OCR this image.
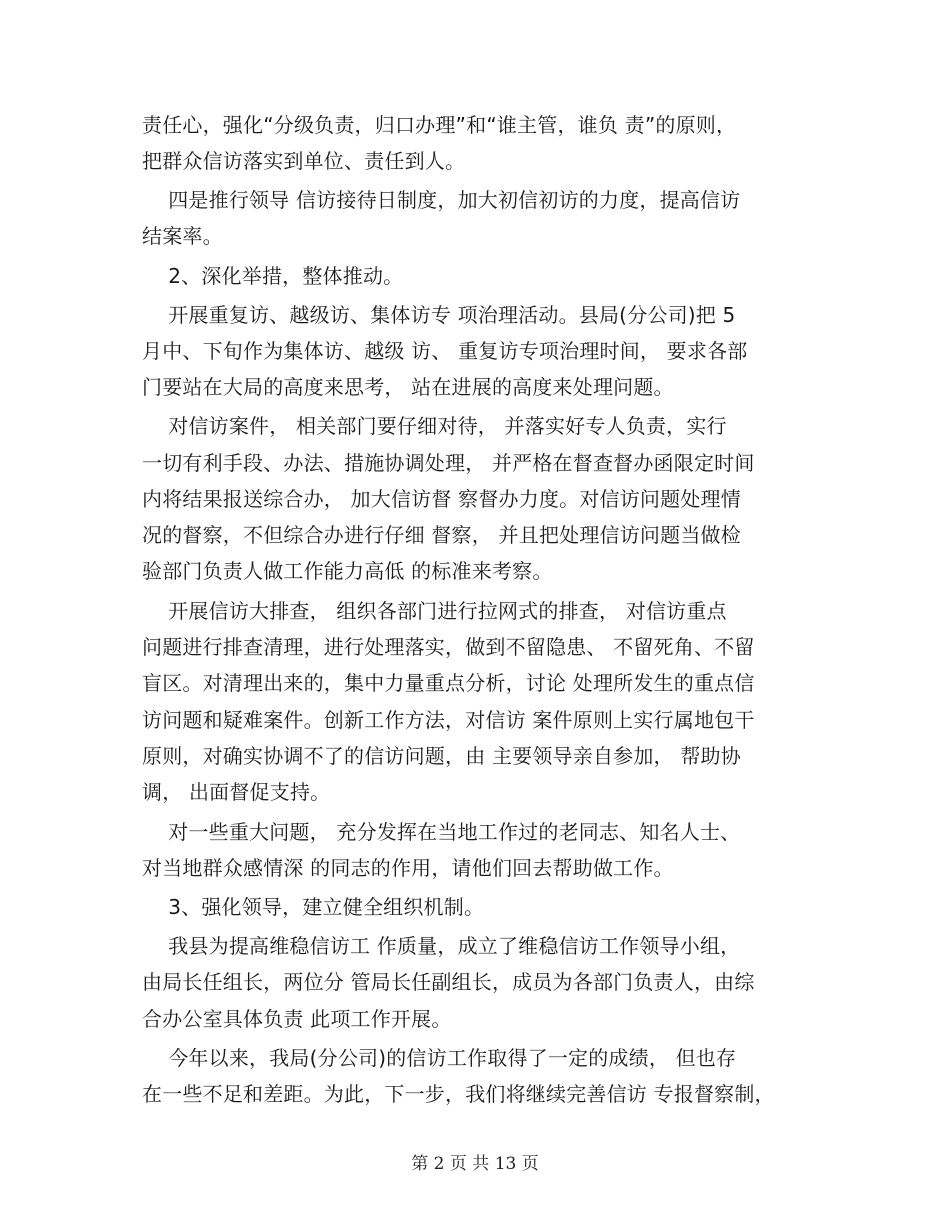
责任心，强化“分级负责，归口办理”和“谁主管，谁负 责”的原则，
把群众信访落实到单位、责任到人。
四是推行领导 信访接待日制度，加大初信初访的力度，提高信访
结案率。
2、深化举措，整体推动。
开展重复访、越级访、集体访专 项治理活动。县局(分公司)把 5
月中、下旬作为集体访、越级 访、 重复访专项治理时间， 要求各部
门要站在大局的高度来思考， 站在进展的高度来处理问题。
对信访案件， 相关部门要仔细对待， 并落实好专人负责，实行
一切有利手段、办法、措施协调处理， 并严格在督查督办函限定时间
内将结果报送综合办， 加大信访督 察督办力度。对信访问题处理情
况的督察，不但综合办进行仔细 督察， 并且把处理信访问题当做检
验部门负责人做工作能力高低 的标准来考察。
开展信访大排查， 组织各部门进行拉网式的排查， 对信访重点
问题进行排查清理，进行处理落实，做到不留隐患、 不留死角、不留
盲区。对清理出来的，集中力量重点分析，讨论 处理所发生的重点信
访问题和疑难案件。创新工作方法，对信访 案件原则上实行属地包干
原则，对确实协调不了的信访问题，由 主要领导亲自参加， 帮助协
调， 出面督促支持。
对一些重大问题， 充分发挥在当地工作过的老同志、知名人士、
对当地群众感情深 的同志的作用，请他们回去帮助做工作。
3、强化领导，建立健全组织机制。
我县为提高维稳信访工 作质量，成立了维稳信访工作领导小组，
由局长任组长，两位分 管局长任副组长，成员为各部门负责人，由综
合办公室具体负责 此项工作开展。
今年以来，我局(分公司)的信访工作取得了一定的成绩， 但也存
在一些不足和差距。为此，下一步，我们将继续完善信访 专报督察制，
第 2 页 共 13 页
